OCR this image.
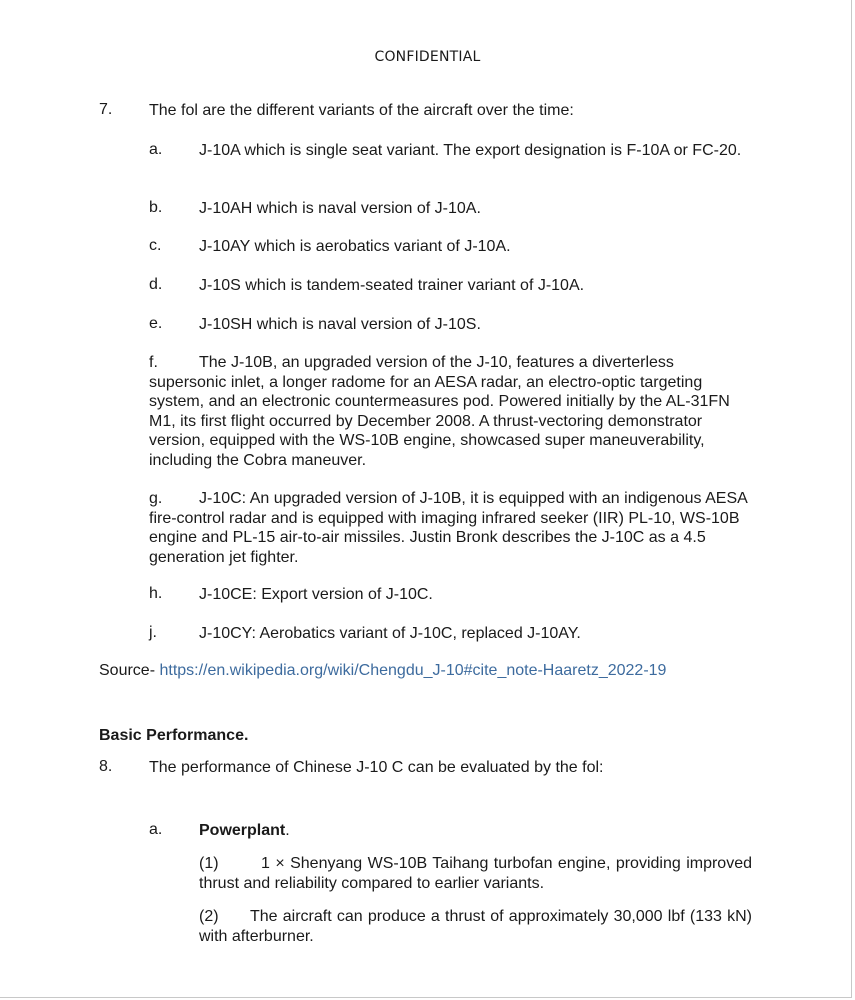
CONFIDENTIAL
7. The fol are the different variants of the aircraft over the time:
a. J-10A which is single seat variant. The export designation is F-10A or FC-20.
b. J-10AH which is naval version of J-10A.
c. J-10AY which is aerobatics variant of J-10A.
d. J-10S which is tandem-seated trainer variant of J-10A.
e. J-10SH which is naval version of J-10S.
f.	The J-10B, an upgraded version of the J-10, features a diverterless supersonic inlet, a longer radome for an AESA radar, an electro-optic targeting system, and an electronic countermeasures pod. Powered initially by the AL-31FN M1, its first flight occurred by December 2008. A thrust-vectoring demonstrator version, equipped with the WS-10B engine, showcased super maneuverability, including the Cobra maneuver.
g. J-10C: An upgraded version of J-10B, it is equipped with an indigenous AESA fire-control radar and is equipped with imaging infrared seeker (IIR) PL-10, WS-10B engine and PL-15 air-to-air missiles. Justin Bronk describes the J-10C as a 4.5 generation jet fighter.
h. J-10CE: Export version of J-10C.
j.	J-10CY: Aerobatics variant of J-10C, replaced J-10AY.
Source- https://en.wikipedia.org/wiki/Chengdu_J-10#cite_note-Haaretz_2022-19
Basic Performance.
8. The performance of Chinese J-10 C can be evaluated by the fol:
a. Powerplant.
(1)	1 × Shenyang WS-10B Taihang turbofan engine, providing improved thrust and reliability compared to earlier variants.
(2) The aircraft can produce a thrust of approximately 30,000 lbf (133 kN) with afterburner.
